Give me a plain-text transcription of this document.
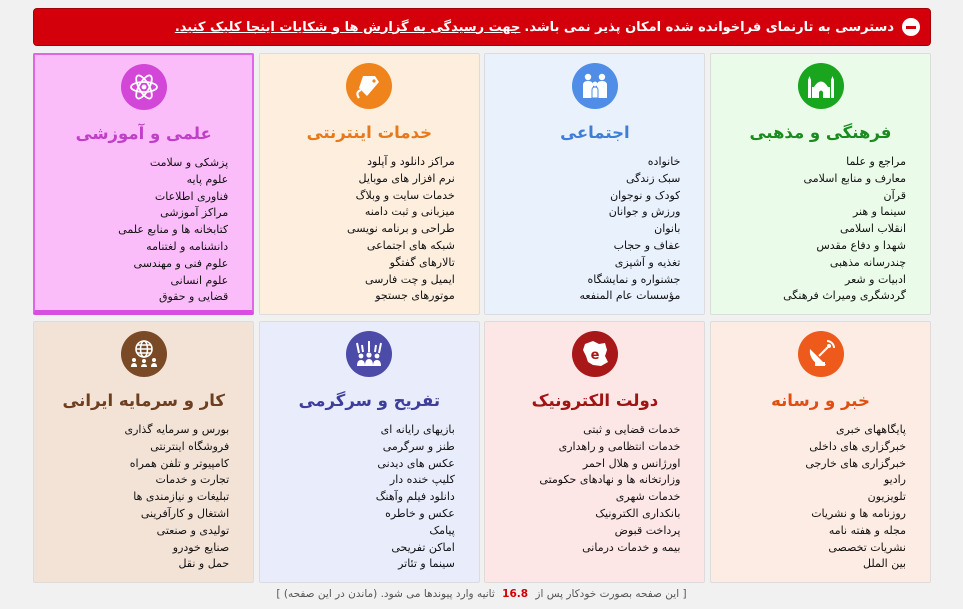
دسترسی به تارنمای فراخوانده شده امکان پذیر نمی باشد.
جهت رسیدگی به گزارش ها و شکایات اینجا کلیک کنید.
فرهنگی و مذهبی
مراجع و علما
معارف و منابع اسلامی
قرآن
سینما و هنر
انقلاب اسلامی
شهدا و دفاع مقدس
چندرسانه مذهبی
ادبیات و شعر
گردشگری ومیراث فرهنگی
اجتماعی
خانواده
سبک زندگی
کودک و نوجوان
ورزش و جوانان
بانوان
عفاف و حجاب
تغذیه و آشپزی
جشنواره و نمایشگاه
مؤسسات عام المنفعه
خدمات اینترنتی
مراکز دانلود و آپلود
نرم افزار های موبایل
خدمات سایت و وبلاگ
میزبانی و ثبت دامنه
طراحی و برنامه نویسی
شبکه های اجتماعی
تالارهای گفتگو
ایمیل و چت فارسی
موتورهای جستجو
علمی و آموزشی
پزشکی و سلامت
علوم پایه
فناوری اطلاعات
مراکز آموزشی
کتابخانه ها و منابع علمی
دانشنامه و لغتنامه
علوم فنی و مهندسی
علوم انسانی
قضایی و حقوق
خبر و رسانه
پایگاههای خبری
خبرگزاری های داخلی
خبرگزاری های خارجی
رادیو
تلویزیون
روزنامه ها و نشریات
مجله و هفته نامه
نشریات تخصصی
بین الملل
e
دولت الکترونیک
خدمات قضایی و ثبتی
خدمات انتظامی و راهداری
اورژانس و هلال احمر
وزارتخانه ها و نهادهای حکومتی
خدمات شهری
بانکداری الکترونیک
پرداخت قبوض
بیمه و خدمات درمانی
تفریح و سرگرمی
بازیهای رایانه ای
طنز و سرگرمی
عکس های دیدنی
کلیپ خنده دار
دانلود فیلم وآهنگ
عکس و خاطره
پیامک
اماکن تفریحی
سینما و تئاتر
کار و سرمایه ایرانی
بورس و سرمایه گذاری
فروشگاه اینترنتی
کامپیوتر و تلفن همراه
تجارت و خدمات
تبلیغات و نیازمندی ها
اشتغال و کارآفرینی
تولیدی و صنعتی
صنایع خودرو
حمل و نقل
[ این صفحه بصورت خودکار پس از 16.8 ثانیه وارد پیوندها می شود. (ماندن در این صفحه) ]
